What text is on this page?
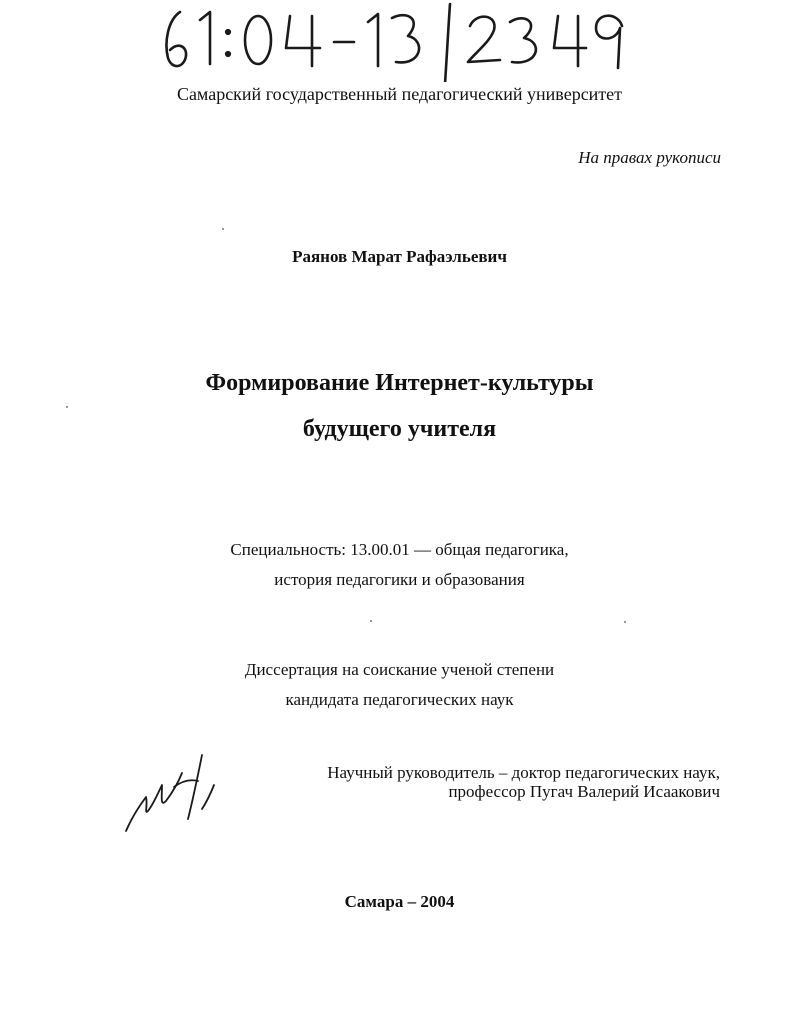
Самарский государственный педагогический университет
На правах рукописи
Раянов Марат Рафаэльевич
Формирование Интернет-культуры
будущего учителя
Специальность: 13.00.01 — общая педагогика,
история педагогики и образования
Диссертация на соискание ученой степени
кандидата педагогических наук
Научный руководитель – доктор педагогических наук,
профессор Пугач Валерий Исаакович
Самара – 2004
